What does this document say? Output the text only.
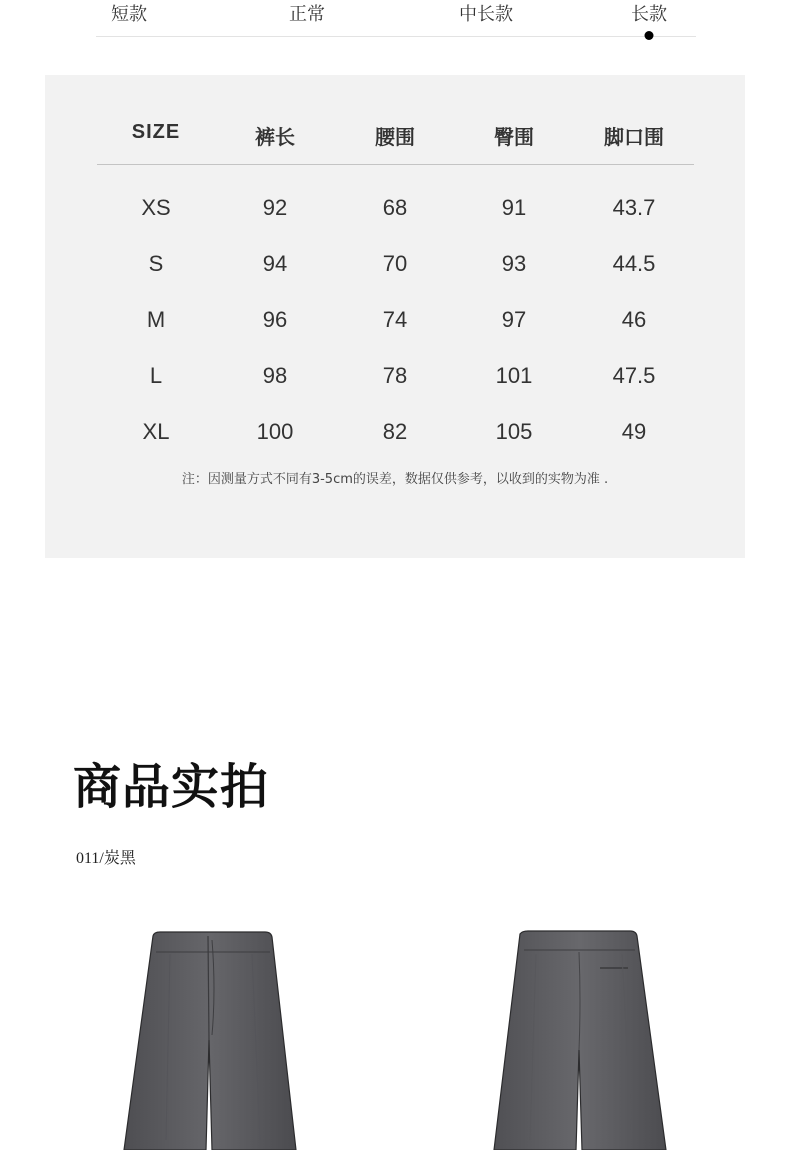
短款	正常	中长款	长款
SIZE	裤长	腰围	臀围	脚口围
XS	92	68	91	43.7
S	94	70	93	44.5
M	96	74	97	46
L	98	78	101	47.5
XL	100	82	105	49
注：因测量方式不同有3-5cm的误差，数据仅供参考，以收到的实物为准 .
商品实拍
011/炭黑
